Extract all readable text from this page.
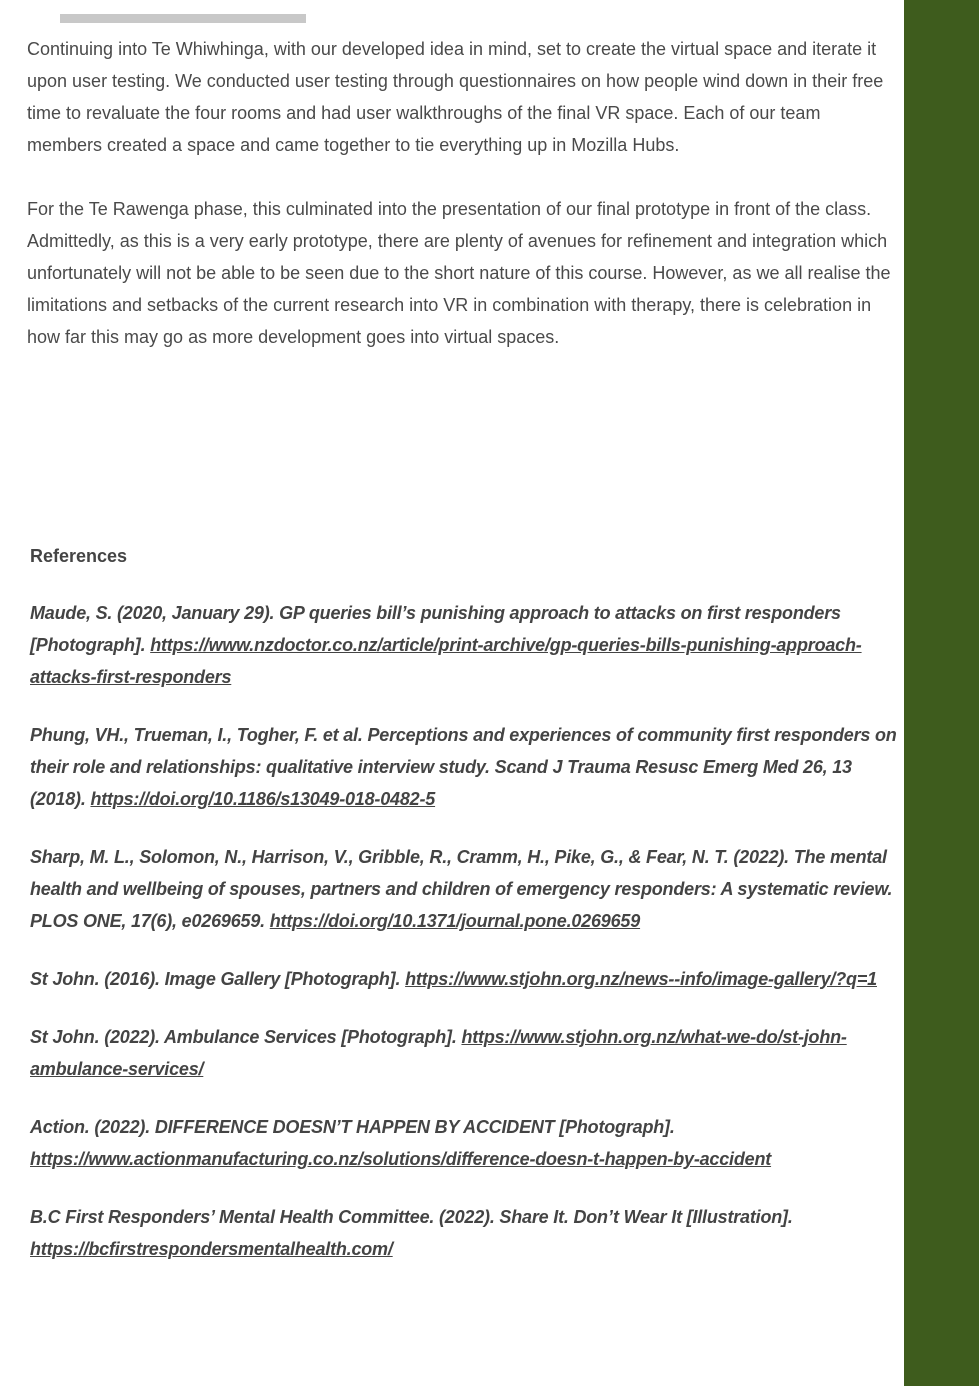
Continuing into Te Whiwhinga, with our developed idea in mind, set to create the virtual space and iterate it upon user testing. We conducted user testing through questionnaires on how people wind down in their free time to revaluate the four rooms and had user walkthroughs of the final VR space. Each of our team members created a space and came together to tie everything up in Mozilla Hubs.

For the Te Rawenga phase, this culminated into the presentation of our final prototype in front of the class. Admittedly, as this is a very early prototype, there are plenty of avenues for refinement and integration which unfortunately will not be able to be seen due to the short nature of this course. However, as we all realise the limitations and setbacks of the current research into VR in combination with therapy, there is celebration in how far this may go as more development goes into virtual spaces.

References

Maude, S. (2020, January 29). GP queries bill’s punishing approach to attacks on first responders [Photograph]. https://www.nzdoctor.co.nz/article/print-archive/gp-queries-bills-punishing-approach-attacks-first-responders

Phung, VH., Trueman, I., Togher, F. et al. Perceptions and experiences of community first responders on their role and relationships: qualitative interview study. Scand J Trauma Resusc Emerg Med 26, 13 (2018). https://doi.org/10.1186/s13049-018-0482-5

Sharp, M. L., Solomon, N., Harrison, V., Gribble, R., Cramm, H., Pike, G., & Fear, N. T. (2022). The mental health and wellbeing of spouses, partners and children of emergency responders: A systematic review. PLOS ONE, 17(6), e0269659. https://doi.org/10.1371/journal.pone.0269659

St John. (2016). Image Gallery [Photograph]. https://www.stjohn.org.nz/news--info/image-gallery/?q=1

St John. (2022). Ambulance Services [Photograph]. https://www.stjohn.org.nz/what-we-do/st-john-ambulance-services/

Action. (2022). DIFFERENCE DOESN’T HAPPEN BY ACCIDENT [Photograph]. https://www.actionmanufacturing.co.nz/solutions/difference-doesn-t-happen-by-accident

B.C First Responders’ Mental Health Committee. (2022). Share It. Don’t Wear It [Illustration]. https://bcfirstrespondersmentalhealth.com/
